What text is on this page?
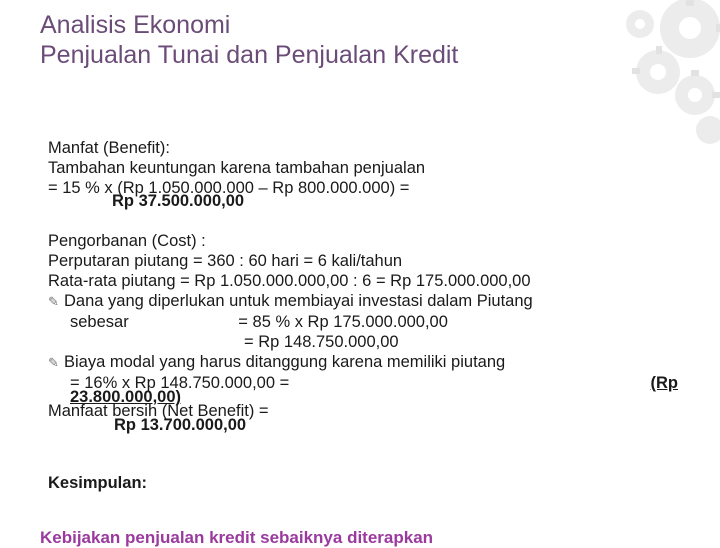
Analisis Ekonomi
Penjualan Tunai dan Penjualan Kredit
Manfat (Benefit):
Tambahan keuntungan karena tambahan penjualan
= 15 % x (Rp 1.050.000.000 – Rp 800.000.000) =
Rp 37.500.000,00
Pengorbanan (Cost) :
Perputaran piutang = 360 : 60 hari = 6 kali/tahun
Rata-rata piutang = Rp 1.050.000.000,00 : 6 = Rp 175.000.000,00
✎ Dana yang diperlukan untuk membiayai investasi dalam Piutang
sebesar	= 85 % x Rp 175.000.000,00
= Rp 148.750.000,00
✎ Biaya modal yang harus ditanggung karena memiliki piutang
= 16% x Rp 148.750.000,00 =	(Rp
23.800.000,00)
Manfaat bersih (Net Benefit) =
Rp 13.700.000,00
Kesimpulan:
Kebijakan penjualan kredit sebaiknya diterapkan
